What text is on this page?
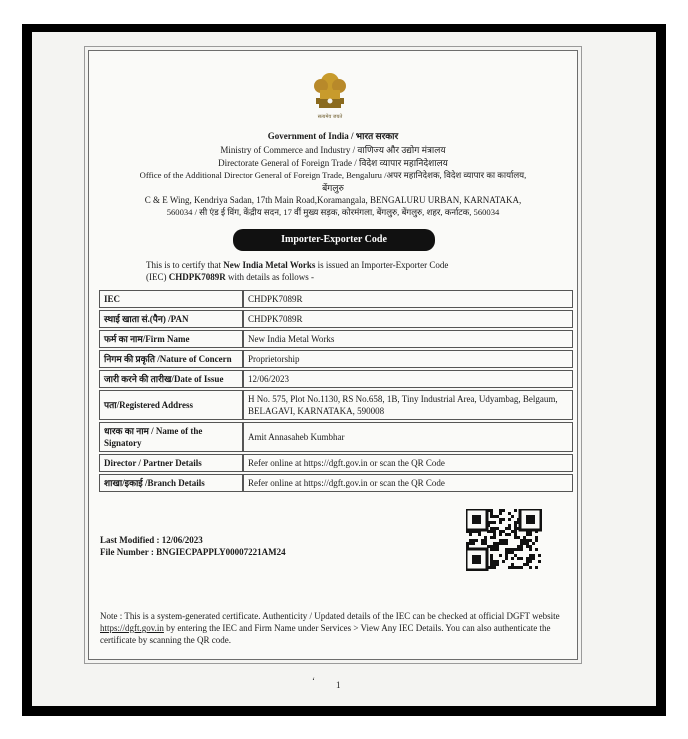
सत्यमेव जयते
Government of India / भारत सरकार
Ministry of Commerce and Industry / वाणिज्य और उद्योग मंत्रालय
Directorate General of Foreign Trade / विदेश व्यापार महानिदेशालय
Office of the Additional Director General of Foreign Trade, Bengaluru /अपर महानिदेशक, विदेश व्यापार का कार्यालय,
बेंगलुरु
C & E Wing, Kendriya Sadan, 17th Main Road,Koramangala, BENGALURU URBAN, KARNATAKA,
560034 / सी एंड ई विंग, केंद्रीय सदन, 17 वीं मुख्य सड़क, कोरमंगला, बेंगलुरु, बेंगलुरु, शहर, कर्नाटक, 560034
Importer-Exporter Code
This is to certify that New India Metal Works is issued an Importer-Exporter Code
(IEC) CHDPK7089R with details as follows -
IEC	CHDPK7089R
स्थाई खाता सं.(पैन) /PAN	CHDPK7089R
फर्म का नाम/Firm Name	New India Metal Works
निगम की प्रकृति /Nature of Concern	Proprietorship
जारी करने की तारीख/Date of Issue	12/06/2023
पता/Registered Address	H No. 575, Plot No.1130, RS No.658, 1B, Tiny Industrial Area, Udyambag, Belgaum, BELAGAVI, KARNATAKA, 590008
धारक का नाम / Name of the Signatory	Amit Annasaheb Kumbhar
Director / Partner Details	Refer online at https://dgft.gov.in or scan the QR Code
शाखा/इकाई /Branch Details	Refer online at https://dgft.gov.in or scan the QR Code
Last Modified : 12/06/2023
File Number : BNGIECPAPPLY00007221AM24
Note : This is a system-generated certificate. Authenticity / Updated details of the IEC can be checked at official DGFT website https://dgft.gov.in by entering the IEC and Firm Name under Services > View Any IEC Details. You can also authenticate the certificate by scanning the QR code.
ʻ 1
